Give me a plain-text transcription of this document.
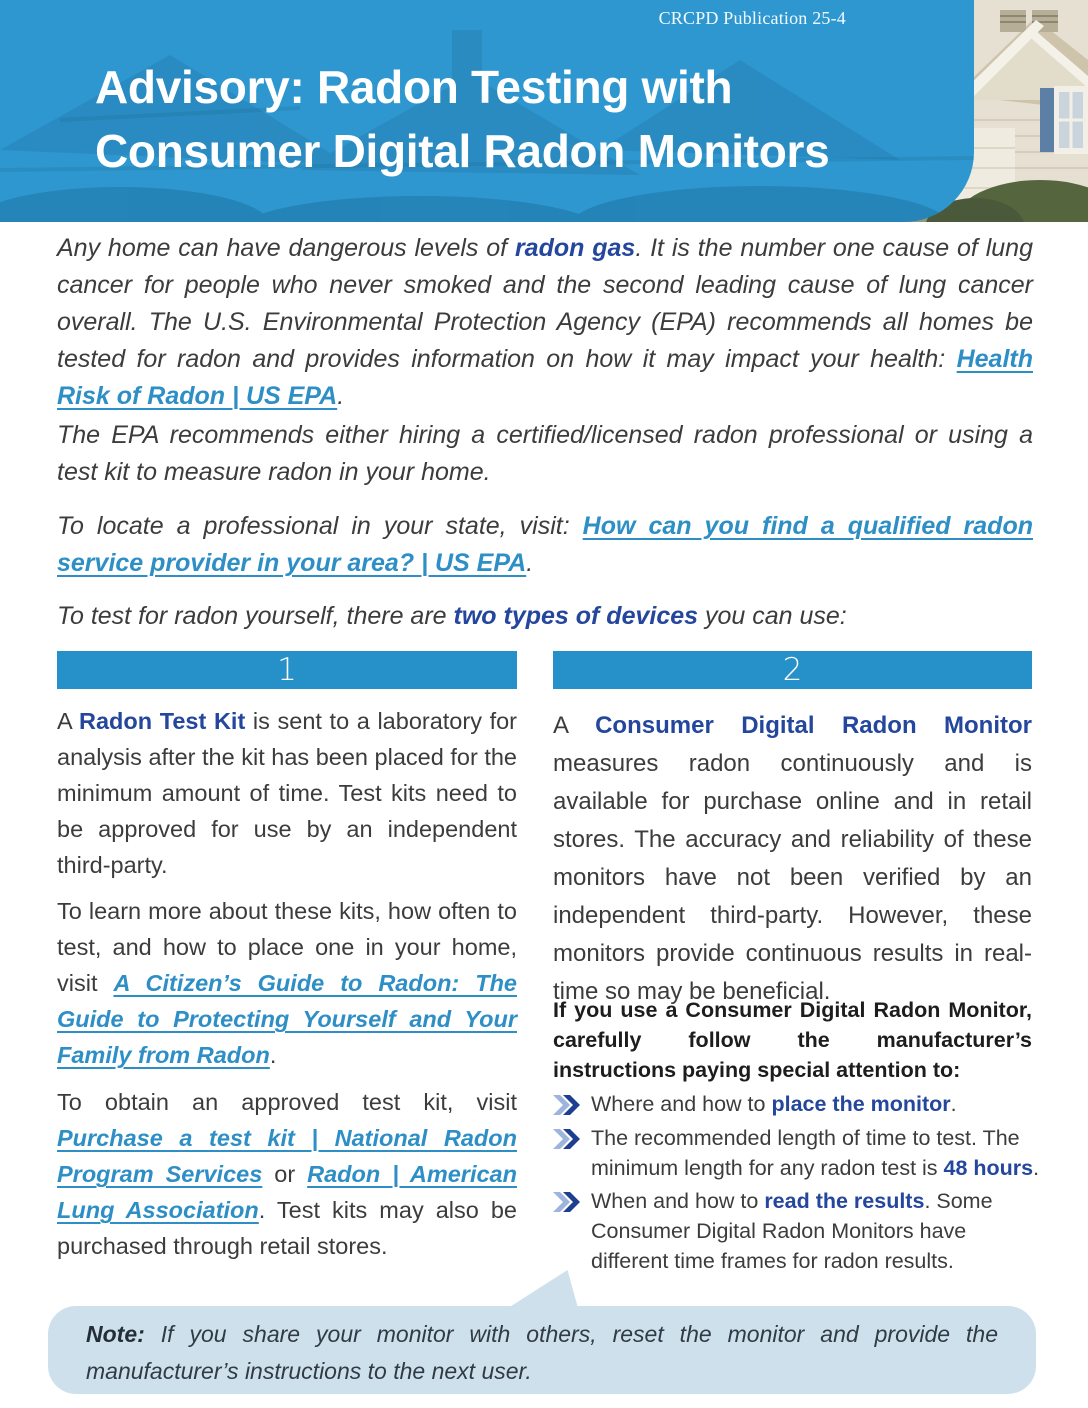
CRCPD Publication 25-4
Advisory: Radon Testing with
Consumer Digital Radon Monitors

Any home can have dangerous levels of radon gas. It is the number one cause of lung cancer for people who never smoked and the second leading cause of lung cancer overall. The U.S. Environmental Protection Agency (EPA) recommends all homes be tested for radon and provides information on how it may impact your health: Health Risk of Radon | US EPA.

The EPA recommends either hiring a certified/licensed radon professional or using a test kit to measure radon in your home.

To locate a professional in your state, visit: How can you find a qualified radon service provider in your area? | US EPA.

To test for radon yourself, there are two types of devices you can use:

1	2

A Radon Test Kit is sent to a laboratory for analysis after the kit has been placed for the minimum amount of time. Test kits need to be approved for use by an independent third-party.

To learn more about these kits, how often to test, and how to place one in your home, visit A Citizen’s Guide to Radon: The Guide to Protecting Yourself and Your Family from Radon.

To obtain an approved test kit, visit Purchase a test kit | National Radon Program Services or Radon | American Lung Association. Test kits may also be purchased through retail stores.

A Consumer Digital Radon Monitor measures radon continuously and is available for purchase online and in retail stores. The accuracy and reliability of these monitors have not been verified by an independent third-party. However, these monitors provide continuous results in real-time so may be beneficial.

If you use a Consumer Digital Radon Monitor, carefully follow the manufacturer’s instructions paying special attention to:

Where and how to place the monitor.
The recommended length of time to test. The minimum length for any radon test is 48 hours.
When and how to read the results. Some Consumer Digital Radon Monitors have different time frames for radon results.
Note: If you share your monitor with others, reset the monitor and provide the manufacturer’s instructions to the next user.
